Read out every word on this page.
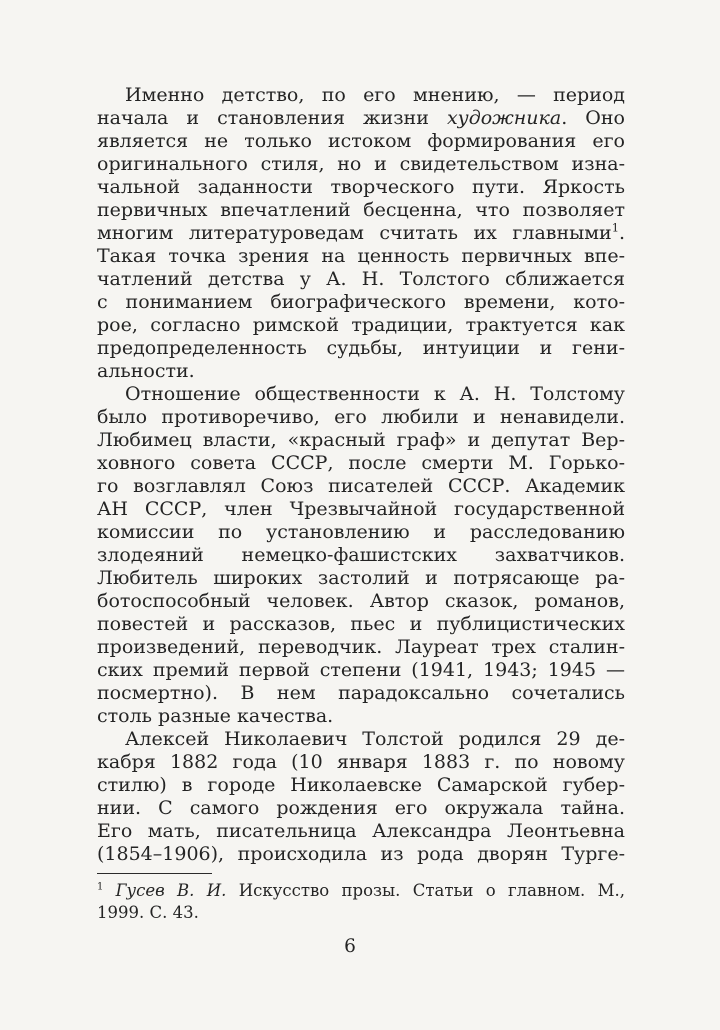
Именно детство, по его мнению, — период
начала и становления жизни художника. Оно
является не только истоком формирования его
оригинального стиля, но и свидетельством изна-
чальной заданности творческого пути. Яркость
первичных впечатлений бесценна, что позволяет
многим литературоведам считать их главными$^1$.
Такая точка зрения на ценность первичных впе-
чатлений детства у А. Н. Толстого сближается
с пониманием биографического времени, кото-
рое, согласно римской традиции, трактуется как
предопределенность судьбы, интуиции и гени-
альности.
Отношение общественности к А. Н. Толстому
было противоречиво, его любили и ненавидели.
Любимец власти, «красный граф» и депутат Вер-
ховного совета СССР, после смерти М. Горько-
го возглавлял Союз писателей СССР. Академик
АН СССР, член Чрезвычайной государственной
комиссии по установлению и расследованию
злодеяний немецко-фашистских захватчиков.
Любитель широких застолий и потрясающе ра-
ботоспособный человек. Автор сказок, романов,
повестей и рассказов, пьес и публицистических
произведений, переводчик. Лауреат трех сталин-
ских премий первой степени (1941, 1943; 1945 —
посмертно). В нем парадоксально сочетались
столь разные качества.
Алексей Николаевич Толстой родился 29 де-
кабря 1882 года (10 января 1883 г. по новому
стилю) в городе Николаевске Самарской губер-
нии. С самого рождения его окружала тайна.
Его мать, писательница Александра Леонтьевна
(1854–1906), происходила из рода дворян Турге-
$^1$ Гусев В. И. Искусство прозы. Статьи о главном. М.,
1999. С. 43.
6
